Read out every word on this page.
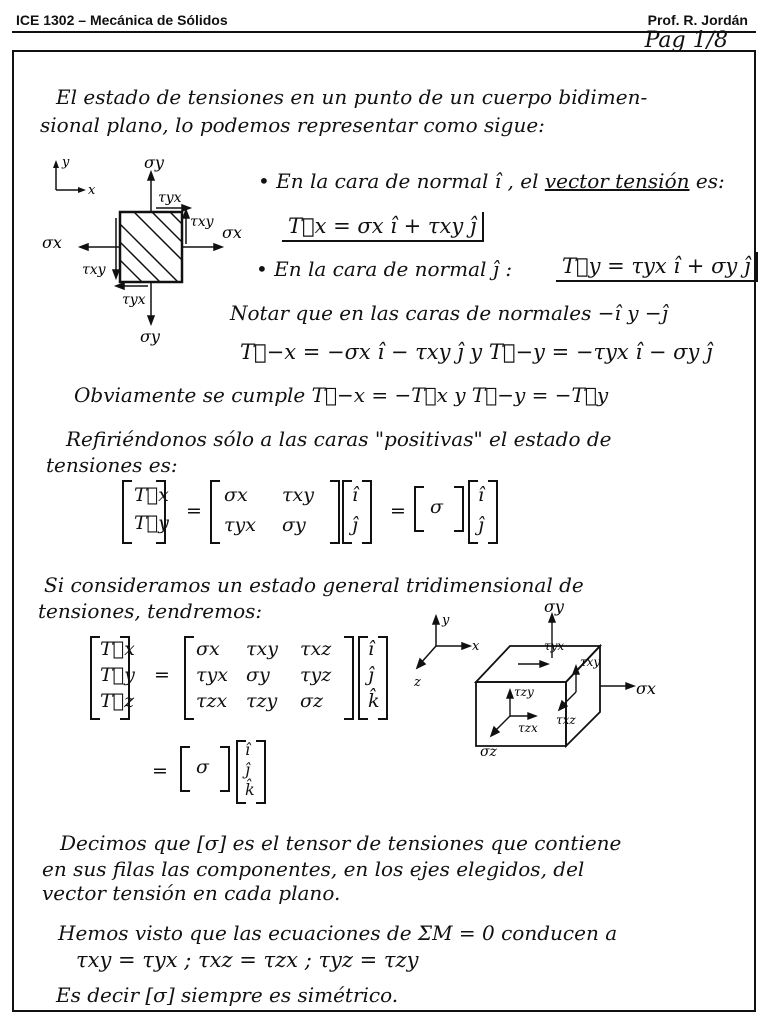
ICE 1302 – Mecánica de Sólidos	Prof. R. Jordán
Pag 1/8
El estado de tensiones en un punto de un cuerpo bidimen-
sional plano, lo podemos representar como sigue:
y
x
σy
τyx
τxy
σx
σx
τxy
τyx
σy
• En la cara de normal î , el vector tensión es:
T⃗x = σx î + τxy ĵ
• En la cara de normal ĵ : T⃗y = τyx î + σy ĵ
Notar que en las caras de normales −î y −ĵ
T⃗−x = −σx î − τxy ĵ y T⃗−y = −τyx î − σy ĵ
Obviamente se cumple T⃗−x = −T⃗x y T⃗−y = −T⃗y
Refiriéndonos sólo a las caras "positivas" el estado de
tensiones es:
T⃗x
T⃗y
=
σx τxy
τyx σy
î
ĵ
= σ
î
ĵ
Si consideramos un estado general tridimensional de
tensiones, tendremos:
T⃗x
T⃗y
T⃗z
=
σx τxy τxz
τyx σy τyz
τzx τzy σz
î
ĵ
k̂
= σ
î
ĵ
k̂
y
x
z
σy
τyx
τxy
σx
τxz
τzy
τzx
σz
Decimos que [σ] es el tensor de tensiones que contiene
en sus filas las componentes, en los ejes elegidos, del
vector tensión en cada plano.
Hemos visto que las ecuaciones de ΣM = 0 conducen a
τxy = τyx ; τxz = τzx ; τyz = τzy
Es decir [σ] siempre es simétrico.
